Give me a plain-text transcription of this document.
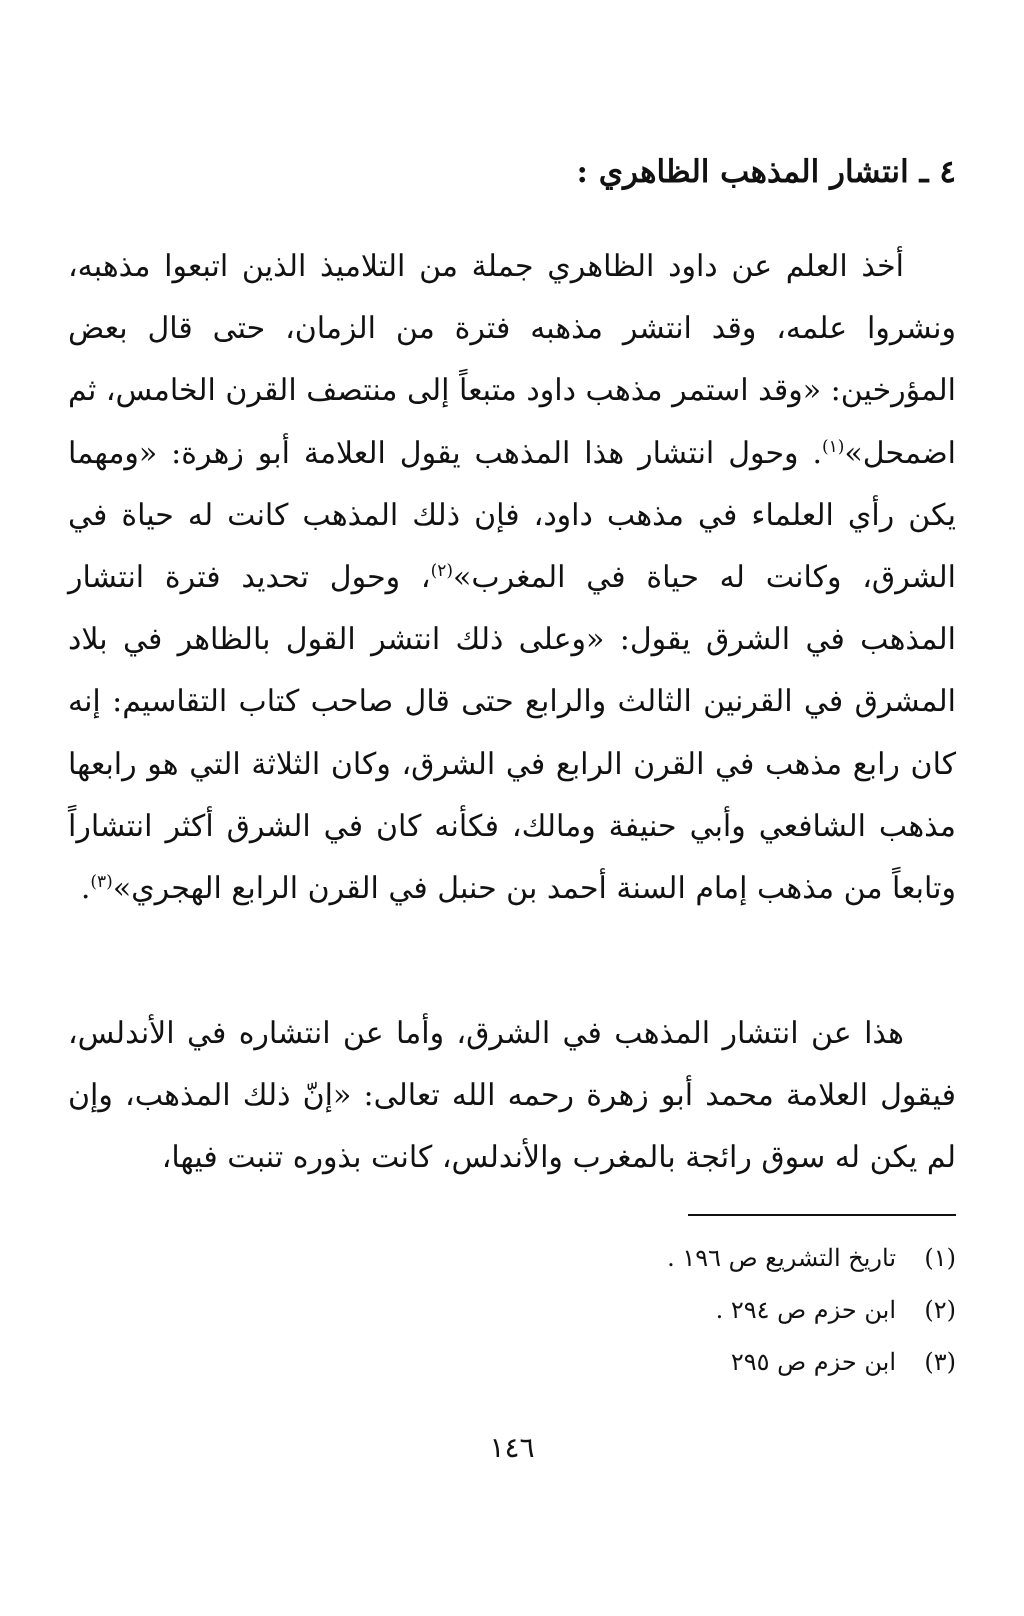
٤ ـ انتشار المذهب الظاهري :

أخذ العلم عن داود الظاهري جملة من التلاميذ الذين اتبعوا مذهبه، ونشروا علمه، وقد انتشر مذهبه فترة من الزمان، حتى قال بعض المؤرخين: «وقد استمر مذهب داود متبعاً إلى منتصف القرن الخامس، ثم اضمحل»$^{(١)}$. وحول انتشار هذا المذهب يقول العلامة أبو زهرة: «ومهما يكن رأي العلماء في مذهب داود، فإن ذلك المذهب كانت له حياة في الشرق، وكانت له حياة في المغرب»$^{(٢)}$، وحول تحديد فترة انتشار المذهب في الشرق يقول: «وعلى ذلك انتشر القول بالظاهر في بلاد المشرق في القرنين الثالث والرابع حتى قال صاحب كتاب التقاسيم: إنه كان رابع مذهب في القرن الرابع في الشرق، وكان الثلاثة التي هو رابعها مذهب الشافعي وأبي حنيفة ومالك، فكأنه كان في الشرق أكثر انتشاراً وتابعاً من مذهب إمام السنة أحمد بن حنبل في القرن الرابع الهجري»$^{(٣)}$.

هذا عن انتشار المذهب في الشرق، وأما عن انتشاره في الأندلس، فيقول العلامة محمد أبو زهرة رحمه الله تعالى: «إنّ ذلك المذهب، وإن لم يكن له سوق رائجة بالمغرب والأندلس، كانت بذوره تنبت فيها،

(١)تاريخ التشريع ص ١٩٦ .
(٢)ابن حزم ص ٢٩٤ .
(٣)ابن حزم ص ٢٩٥
١٤٦
